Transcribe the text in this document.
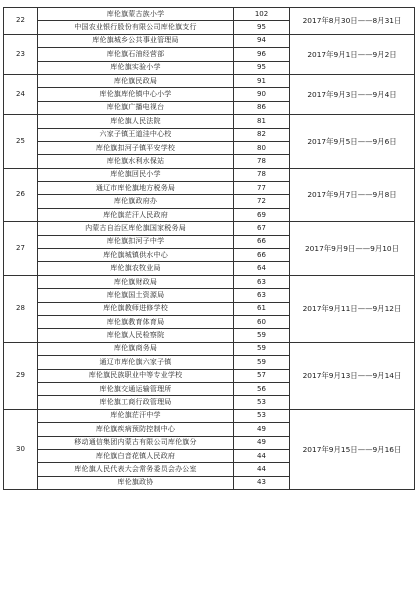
22	库伦旗蒙古族小学	102	2017年8月30日——8月31日
	中国农业银行股份有限公司库伦旗支行	95	
23	库伦旗城乡公共事业管理局	94	2017年9月1日——9月2日
	库伦旗石油经营部	96	
	库伦旗实验小学	95	
24	库伦旗民政局	91	2017年9月3日——9月4日
	库伦旗库伦镇中心小学	90	
	库伦旗广播电视台	86	
25	库伦旗人民法院	81	2017年9月5日——9月6日
	六家子镇王道洼中心校	82	
	库伦旗扣河子镇平安学校	80	
	库伦旗水利水保站	78	
26	库伦旗回民小学	78	2017年9月7日——9月8日
	通辽市库伦旗地方税务局	77	
	库伦旗政府办	72	
	库伦旗茫汗人民政府	69	
27	内蒙古自治区库伦旗国家税务局	67	2017年9月9日——9月10日
	库伦旗扣河子中学	66	
	库伦旗城镇供水中心	66	
	库伦旗农牧业局	64	
28	库伦旗财政局	63	2017年9月11日——9月12日
	库伦旗国土资源局	63	
	库伦旗教师进修学校	61	
	库伦旗教育体育局	60	
	库伦旗人民检察院	59	
29	库伦旗商务局	59	2017年9月13日——9月14日
	通辽市库伦旗六家子镇	59	
	库伦旗民族职业中等专业学校	57	
	库伦旗交通运输管理所	56	
	库伦旗工商行政管理局	53	
30	库伦旗茫汗中学	53	2017年9月15日——9月16日
	库伦旗疾病预防控制中心	49	
	移动通信集团内蒙古有限公司库伦旗分	49	
	库伦旗白音花镇人民政府	44	
	库伦旗人民代表大会常务委员会办公室	44	
	库伦旗政协	43	
